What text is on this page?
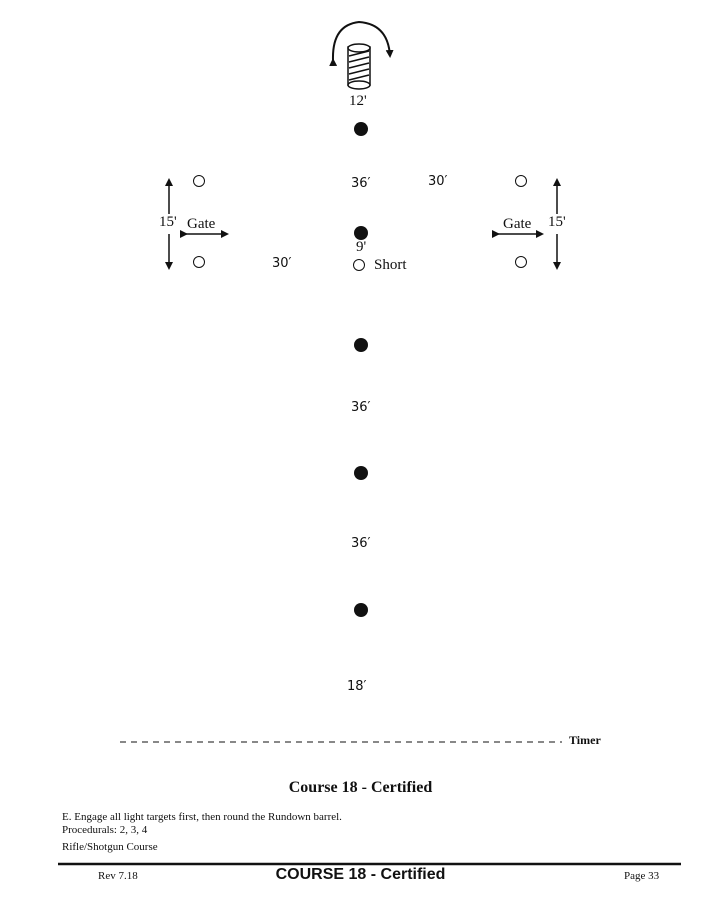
12'
36′	30′
30′
9'
36′
36′
18′
15' Gate	Gate 15'
Short
Timer
Course 18 - Certified
E. Engage all light targets first, then round the Rundown barrel.
Procedurals: 2, 3, 4
Rifle/Shotgun Course
Rev 7.18	COURSE 18 - Certified	Page 33
